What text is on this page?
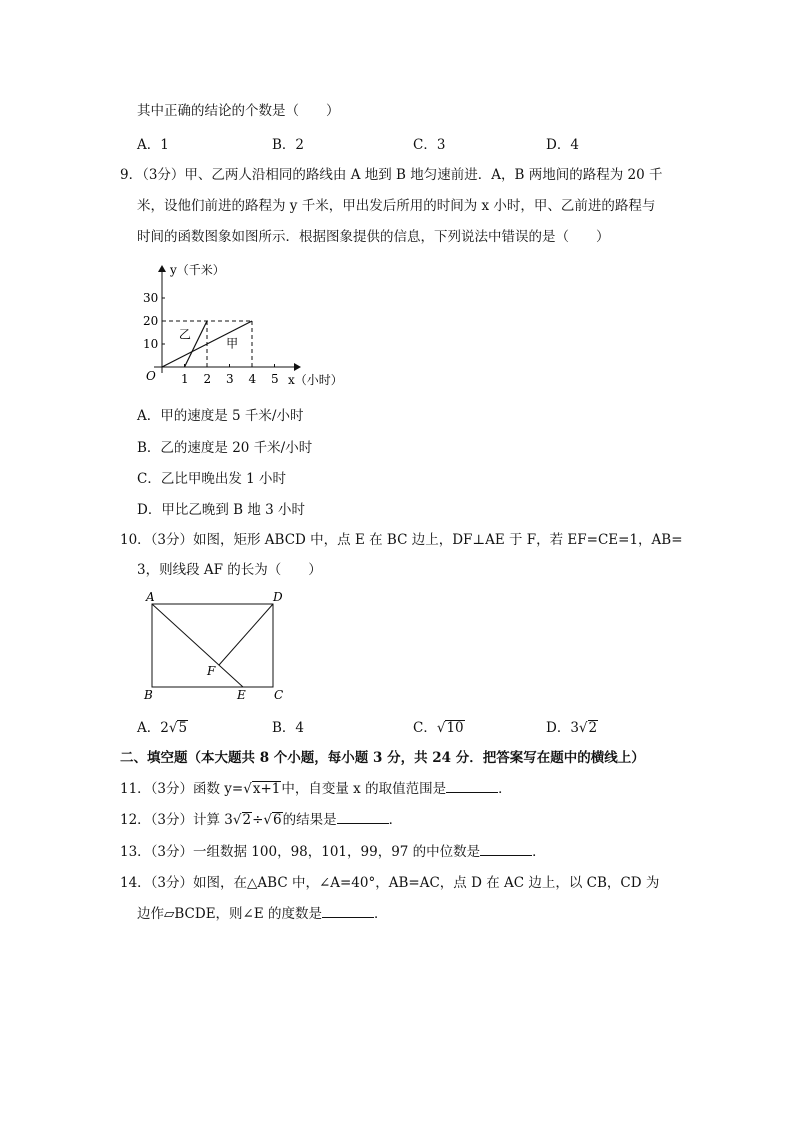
其中正确的结论的个数是（　　）
A．1	B．2	C．3	D．4
9．（3分）甲、乙两人沿相同的路线由 A 地到 B 地匀速前进．A，B 两地间的路程为 20 千
米，设他们前进的路程为 y 千米，甲出发后所用的时间为 x 小时，甲、乙前进的路程与
时间的函数图象如图所示．根据图象提供的信息，下列说法中错误的是（　　）
y（千米）
x（小时）
O 1 2 3 4 5
10
20
30
甲
乙
A．甲的速度是 5 千米/小时
B．乙的速度是 20 千米/小时
C．乙比甲晚出发 1 小时
D．甲比乙晚到 B 地 3 小时
10．（3分）如图，矩形 ABCD 中，点 E 在 BC 边上，DF⊥AE 于 F，若 EF=CE=1，AB=
3，则线段 AF 的长为（　　）
A	D
B	C
E
F
A．2√5	B．4	C．√10	D．3√2
二、填空题（本大题共 8 个小题，每小题 3 分，共 24 分．把答案写在题中的横线上）
11．（3分）函数 y=√x+1中，自变量 x 的取值范围是	．
12．（3分）计算 3√2÷√6的结果是	．
13．（3分）一组数据 100，98，101，99，97 的中位数是	．
14．（3分）如图，在△ABC 中，∠A=40°，AB=AC，点 D 在 AC 边上，以 CB，CD 为
边作▱BCDE，则∠E 的度数是	．
